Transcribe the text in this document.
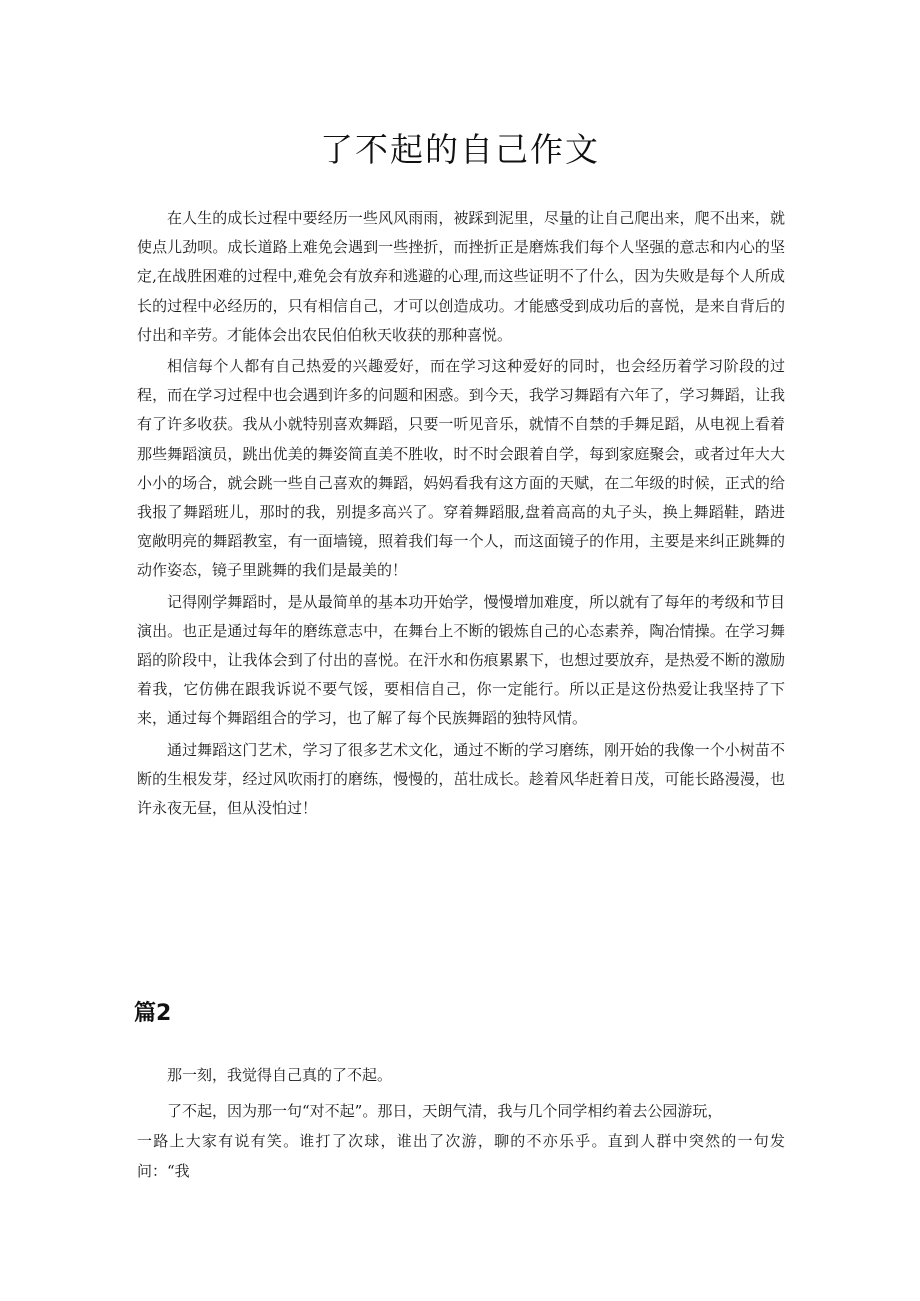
了不起的自己作文

在人生的成长过程中要经历一些风风雨雨，被踩到泥里，尽量的让自己爬出来，爬不出来，就使点儿劲呗。成长道路上难免会遇到一些挫折，而挫折正是磨炼我们每个人坚强的意志和内心的坚定,在战胜困难的过程中,难免会有放弃和逃避的心理,而这些证明不了什么，因为失败是每个人所成长的过程中必经历的，只有相信自己，才可以创造成功。才能感受到成功后的喜悦，是来自背后的付出和辛劳。才能体会出农民伯伯秋天收获的那种喜悦。

相信每个人都有自己热爱的兴趣爱好，而在学习这种爱好的同时，也会经历着学习阶段的过程，而在学习过程中也会遇到许多的问题和困惑。到今天，我学习舞蹈有六年了，学习舞蹈，让我有了许多收获。我从小就特别喜欢舞蹈，只要一听见音乐，就情不自禁的手舞足蹈，从电视上看着那些舞蹈演员，跳出优美的舞姿简直美不胜收，时不时会跟着自学，每到家庭聚会，或者过年大大小小的场合，就会跳一些自己喜欢的舞蹈，妈妈看我有这方面的天赋，在二年级的时候，正式的给我报了舞蹈班儿，那时的我，别提多高兴了。穿着舞蹈服,盘着高高的丸子头，换上舞蹈鞋，踏进宽敞明亮的舞蹈教室，有一面墙镜，照着我们每一个人，而这面镜子的作用，主要是来纠正跳舞的动作姿态，镜子里跳舞的我们是最美的！

记得刚学舞蹈时，是从最简单的基本功开始学，慢慢增加难度，所以就有了每年的考级和节目演出。也正是通过每年的磨练意志中，在舞台上不断的锻炼自己的心态素养，陶冶情操。在学习舞蹈的阶段中，让我体会到了付出的喜悦。在汗水和伤痕累累下，也想过要放弃，是热爱不断的激励着我，它仿佛在跟我诉说不要气馁，要相信自己，你一定能行。所以正是这份热爱让我坚持了下来，通过每个舞蹈组合的学习，也了解了每个民族舞蹈的独特风情。

通过舞蹈这门艺术，学习了很多艺术文化，通过不断的学习磨练，刚开始的我像一个小树苗不断的生根发芽，经过风吹雨打的磨练，慢慢的，茁壮成长。趁着风华赶着日茂，可能长路漫漫，也许永夜无昼，但从没怕过！

篇2

那一刻，我觉得自己真的了不起。

了不起，因为那一句“对不起”。那日，天朗气清，我与几个同学相约着去公园游玩，
一路上大家有说有笑。谁打了次球，谁出了次游，聊的不亦乐乎。直到人群中突然的一句发问：“我
